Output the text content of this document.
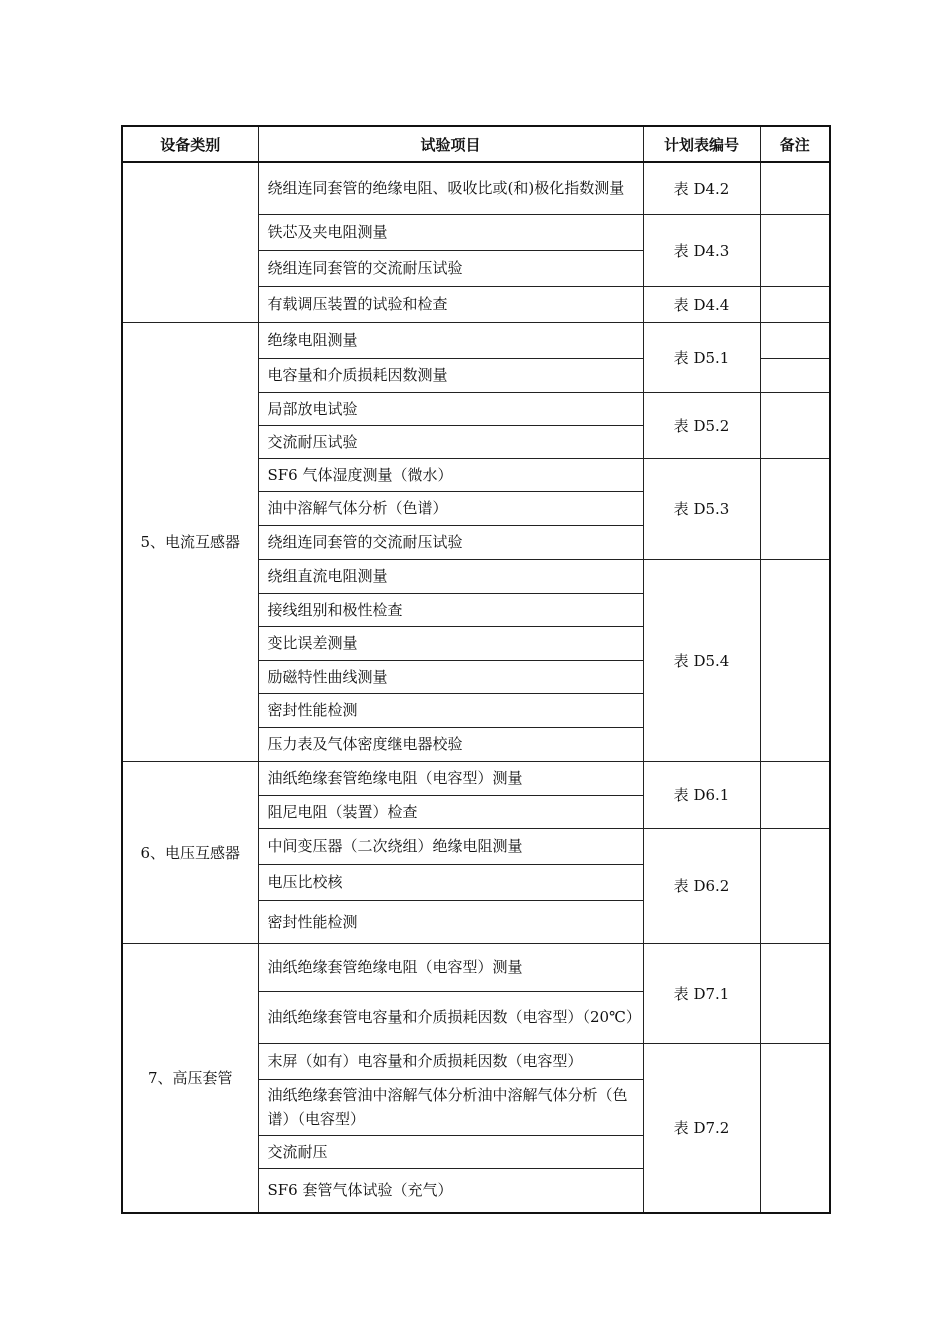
设备类别	试验项目	计划表编号	备注
	绕组连同套管的绝缘电阻、吸收比或(和)极化指数测量	表 D4.2	
	铁芯及夹电阻测量	表 D4.3	
	绕组连同套管的交流耐压试验		
	有载调压装置的试验和检查	表 D4.4	
5、电流互感器	绝缘电阻测量	表 D5.1	
	电容量和介质损耗因数测量		
	局部放电试验	表 D5.2	
	交流耐压试验		
	SF6 气体湿度测量（微水）	表 D5.3	
	油中溶解气体分析（色谱）		
	绕组连同套管的交流耐压试验		
	绕组直流电阻测量	表 D5.4	
	接线组别和极性检查		
	变比误差测量		
	励磁特性曲线测量		
	密封性能检测		
	压力表及气体密度继电器校验		
6、电压互感器	油纸绝缘套管绝缘电阻（电容型）测量	表 D6.1	
	阻尼电阻（装置）检查		
	中间变压器（二次绕组）绝缘电阻测量	表 D6.2	
	电压比校核		
	密封性能检测		
7、高压套管	油纸绝缘套管绝缘电阻（电容型）测量	表 D7.1	
	油纸绝缘套管电容量和介质损耗因数（电容型）（20℃）		
	末屏（如有）电容量和介质损耗因数（电容型）	表 D7.2	
	油纸绝缘套管油中溶解气体分析油中溶解气体分析（色谱）（电容型）		
	交流耐压		
	SF6 套管气体试验（充气）		
